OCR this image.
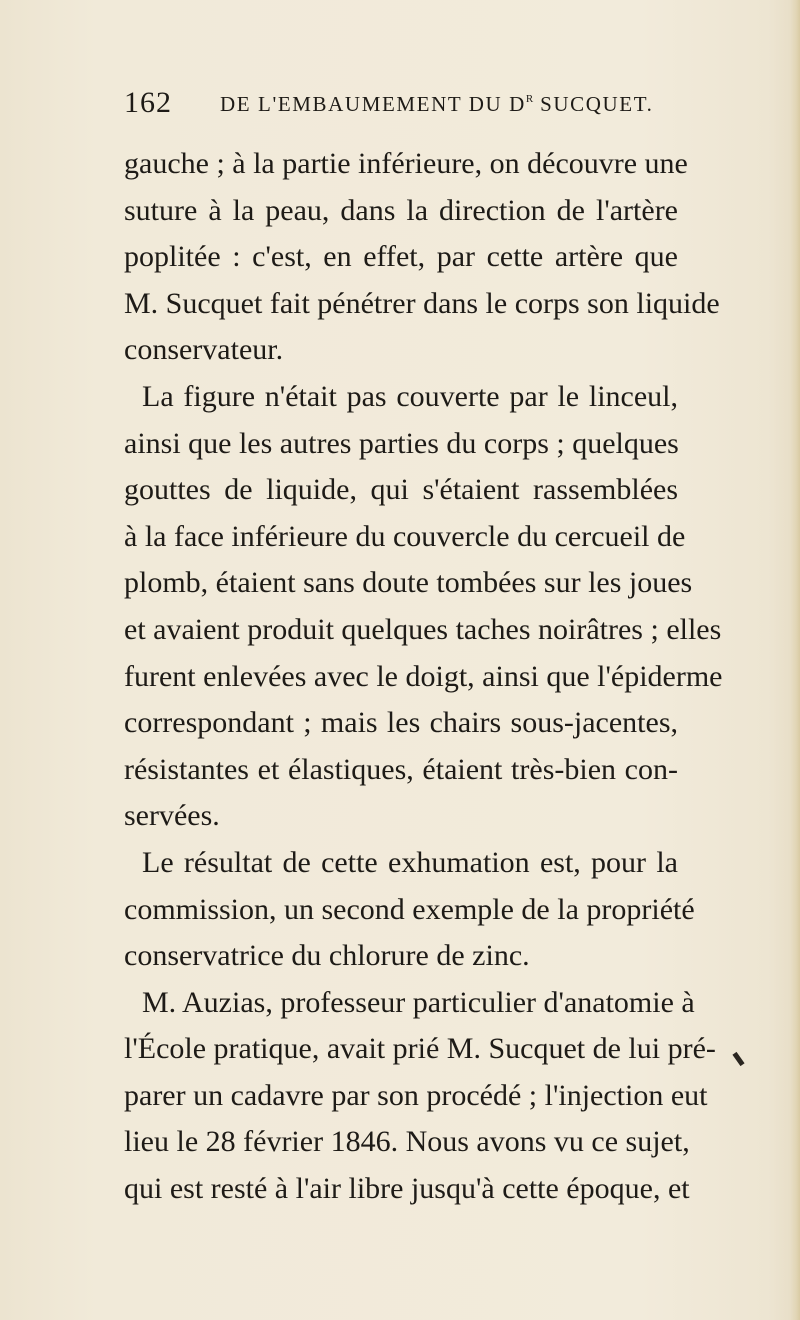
162 DE L'EMBAUMEMENT DU $D^R$ SUCQUET.
gauche ; à la partie inférieure, on découvre une
suture à la peau, dans la direction de l'artère
poplitée : c'est, en effet, par cette artère que
M. Sucquet fait pénétrer dans le corps son liquide
conservateur.
La figure n'était pas couverte par le linceul,
ainsi que les autres parties du corps ; quelques
gouttes de liquide, qui s'étaient rassemblées
à la face inférieure du couvercle du cercueil de
plomb, étaient sans doute tombées sur les joues
et avaient produit quelques taches noirâtres ; elles
furent enlevées avec le doigt, ainsi que l'épiderme
correspondant ; mais les chairs sous-jacentes,
résistantes et élastiques, étaient très-bien con-
servées.
Le résultat de cette exhumation est, pour la
commission, un second exemple de la propriété
conservatrice du chlorure de zinc.
M. Auzias, professeur particulier d'anatomie à
l'École pratique, avait prié M. Sucquet de lui pré-
parer un cadavre par son procédé ; l'injection eut
lieu le 28 février 1846. Nous avons vu ce sujet,
qui est resté à l'air libre jusqu'à cette époque, et
